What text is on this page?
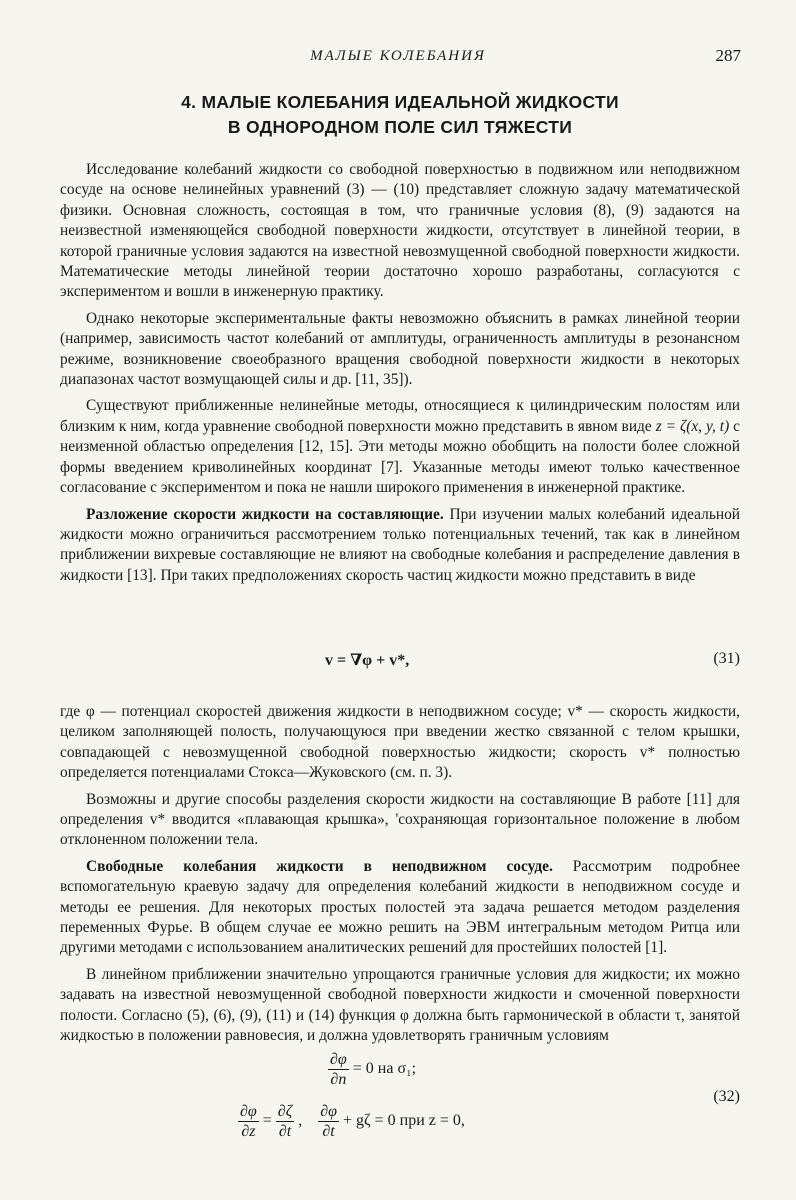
МАЛЫЕ КОЛЕБАНИЯ	287
4. МАЛЫЕ КОЛЕБАНИЯ ИДЕАЛЬНОЙ ЖИДКОСТИ
В ОДНОРОДНОМ ПОЛЕ СИЛ ТЯЖЕСТИ

Исследование колебаний жидкости со свободной поверхностью в подвижном или неподвижном сосуде на основе нелинейных уравнений (3) — (10) представляет сложную задачу математической физики. Основная сложность, состоящая в том, что граничные условия (8), (9) задаются на неизвестной изменяющейся свободной поверхности жидкости, отсутствует в линейной теории, в которой граничные условия задаются на известной невозмущенной свободной поверхности жидкости. Математические методы линейной теории достаточно хорошо разработаны, согласуются с экспериментом и вошли в инженерную практику.

Однако некоторые экспериментальные факты невозможно объяснить в рамках линейной теории (например, зависимость частот колебаний от амплитуды, ограниченность амплитуды в резонансном режиме, возникновение своеобразного вращения свободной поверхности жидкости в некоторых диапазонах частот возмущающей силы и др. [11, 35]).

Существуют приближенные нелинейные методы, относящиеся к цилиндрическим полостям или близким к ним, когда уравнение свободной поверхности можно представить в явном виде z = ζ(x, y, t) с неизменной областью определения [12, 15]. Эти методы можно обобщить на полости более сложной формы введением криволинейных координат [7]. Указанные методы имеют только качественное согласование с экспериментом и пока не нашли широкого применения в инженерной практике.

Разложение скорости жидкости на составляющие. При изучении малых колебаний идеальной жидкости можно ограничиться рассмотрением только потенциальных течений, так как в линейном приближении вихревые составляющие не влияют на свободные колебания и распределение давления в жидкости [13]. При таких предположениях скорость частиц жидкости можно представить в виде

v = ∇φ + v*,	(31)

где φ — потенциал скоростей движения жидкости в неподвижном сосуде; v* — скорость жидкости, целиком заполняющей полость, получающуюся при введении жестко связанной с телом крышки, совпадающей с невозмущенной свободной поверхностью жидкости; скорость v* полностью определяется потенциалами Стокса—Жуковского (см. п. 3).

Возможны и другие способы разделения скорости жидкости на составляющие В работе [11] для определения v* вводится «плавающая крышка», 'сохраняющая горизонтальное положение в любом отклоненном положении тела.

Свободные колебания жидкости в неподвижном сосуде. Рассмотрим подробнее вспомогательную краевую задачу для определения колебаний жидкости в неподвижном сосуде и методы ее решения. Для некоторых простых полостей эта задача решается методом разделения переменных Фурье. В общем случае ее можно решить на ЭВМ интегральным методом Ритца или другими методами с использованием аналитических решений для простейших полостей [1].

В линейном приближении значительно упрощаются граничные условия для жидкости; их можно задавать на известной невозмущенной свободной поверхности жидкости и смоченной поверхности полости. Согласно (5), (6), (9), (11) и (14) функция φ должна быть гармонической в области τ, занятой жидкостью в положении равновесия, и должна удовлетворять граничным условиям

$\frac{\partial\varphi}{\partial n} = 0$ на σ₁;
(32)
$\frac{\partial\varphi}{\partial z} = \frac{\partial\zeta}{\partial t}$ , $\frac{\partial\varphi}{\partial t} + g\zeta = 0$ при z = 0,
